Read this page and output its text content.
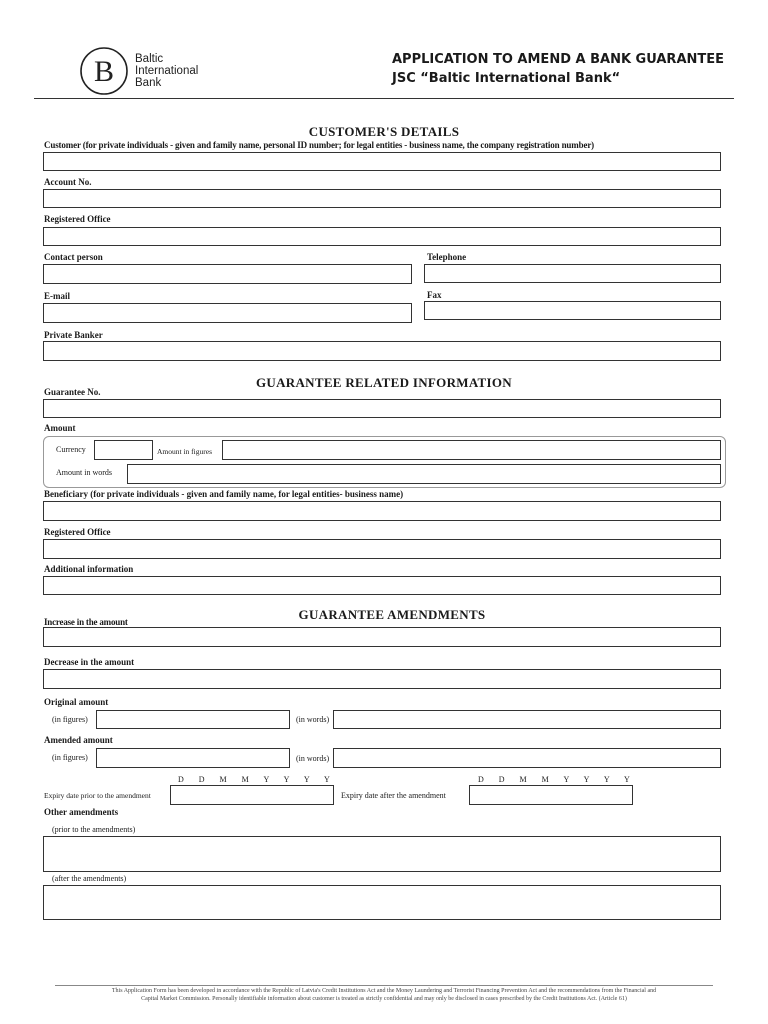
B Baltic
International
Bank
APPLICATION TO AMEND A BANK GUARANTEE
JSC “Baltic International Bank“
CUSTOMER'S DETAILS
Customer (for private individuals - given and family name, personal ID number; for legal entities - business name, the company registration number)
Account No.
Registered Office
Contact person	Telephone
E-mail	Fax
Private Banker
GUARANTEE RELATED INFORMATION
Guarantee No.
Amount
Currency	Amount in figures
Amount in words
Beneficiary (for private individuals - given and family name, for legal entities- business name)
Registered Office
Additional information
GUARANTEE AMENDMENTS
Increase in the amount
Decrease in the amount
Original amount
(in figures)	(in words)
Amended amount
(in figures)	(in words)
D D M M Y Y Y Y	D D M M Y Y Y Y
Expiry date prior to the amendment	Expiry date after the amendment
Other amendments
(prior to the amendments)
(after the amendments)
This Application Form has been developed in accordance with the Republic of Latvia's Credit Institutions Act and the Money Laundering and Terrorist Financing Prevention Act and the recommendations from the Financial and
Capital Market Commission. Personally identifiable information about customer is treated as strictly confidential and may only be disclosed in cases prescribed by the Credit Institutions Act. (Article 61)
